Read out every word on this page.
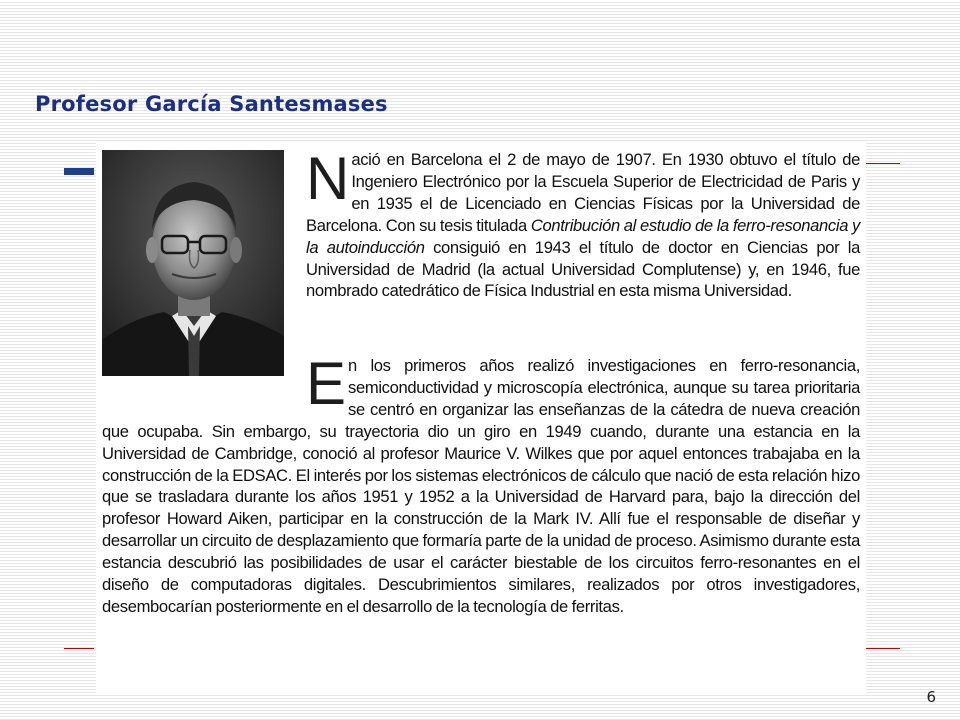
Profesor García Santesmases

Nació en Barcelona el 2 de mayo de 1907. En 1930 obtuvo el título de Ingeniero Electrónico por la Escuela Superior de Electricidad de Paris y en 1935 el de Licenciado en Ciencias Físicas por la Universidad de Barcelona. Con su tesis titulada Contribución al estudio de la ferro-resonancia y la autoinducción consiguió en 1943 el título de doctor en Ciencias por la Universidad de Madrid (la actual Universidad Complutense) y, en 1946, fue nombrado catedrático de Física Industrial en esta misma Universidad.

En los primeros años realizó investigaciones en ferro-resonancia, semiconductividad y microscopía electrónica, aunque su tarea prioritaria se centró en organizar las enseñanzas de la cátedra de nueva creación que ocupaba. Sin embargo, su trayectoria dio un giro en 1949 cuando, durante una estancia en la Universidad de Cambridge, conoció al profesor Maurice V. Wilkes que por aquel entonces trabajaba en la construcción de la EDSAC. El interés por los sistemas electrónicos de cálculo que nació de esta relación hizo que se trasladara durante los años 1951 y 1952 a la Universidad de Harvard para, bajo la dirección del profesor Howard Aiken, participar en la construcción de la Mark IV. Allí fue el responsable de diseñar y desarrollar un circuito de desplazamiento que formaría parte de la unidad de proceso. Asimismo durante esta estancia descubrió las posibilidades de usar el carácter biestable de los circuitos ferro-resonantes en el diseño de computadoras digitales. Descubrimientos similares, realizados por otros investigadores, desembocarían posteriormente en el desarrollo de la tecnología de ferritas.

6
